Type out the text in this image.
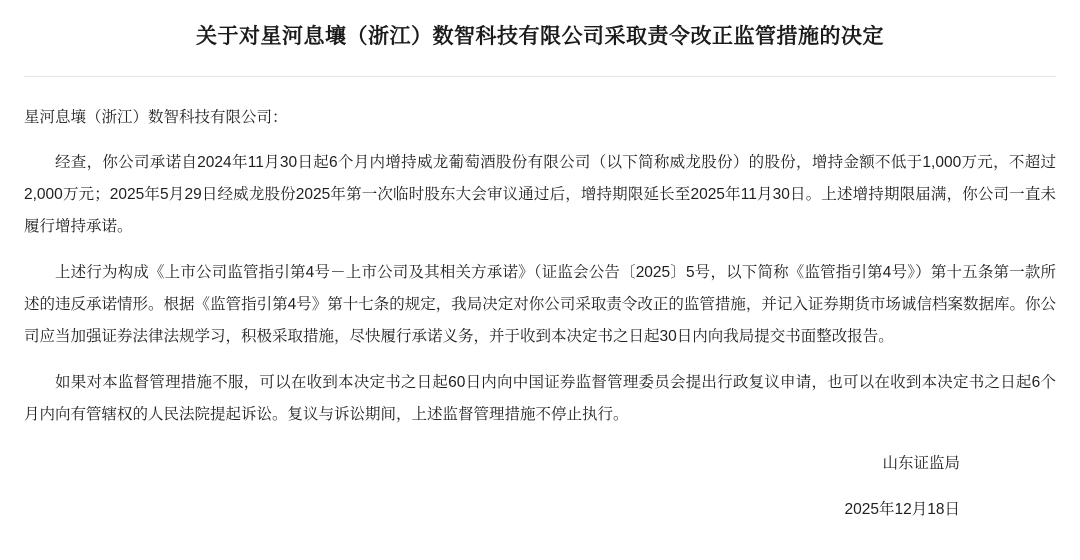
关于对星河息壤（浙江）数智科技有限公司采取责令改正监管措施的决定
星河息壤（浙江）数智科技有限公司：

经查，你公司承诺自2024年11月30日起6个月内增持威龙葡萄酒股份有限公司（以下简称威龙股份）的股份，增持金额不低于1,000万元，不超过2,000万元；2025年5月29日经威龙股份2025年第一次临时股东大会审议通过后，增持期限延长至2025年11月30日。上述增持期限届满，你公司一直未履行增持承诺。

上述行为构成《上市公司监管指引第4号－上市公司及其相关方承诺》（证监会公告〔2025〕5号，以下简称《监管指引第4号》）第十五条第一款所述的违反承诺情形。根据《监管指引第4号》第十七条的规定，我局决定对你公司采取责令改正的监管措施，并记入证券期货市场诚信档案数据库。你公司应当加强证券法律法规学习，积极采取措施，尽快履行承诺义务，并于收到本决定书之日起30日内向我局提交书面整改报告。

如果对本监督管理措施不服，可以在收到本决定书之日起60日内向中国证券监督管理委员会提出行政复议申请，也可以在收到本决定书之日起6个月内向有管辖权的人民法院提起诉讼。复议与诉讼期间，上述监督管理措施不停止执行。

山东证监局
2025年12月18日
